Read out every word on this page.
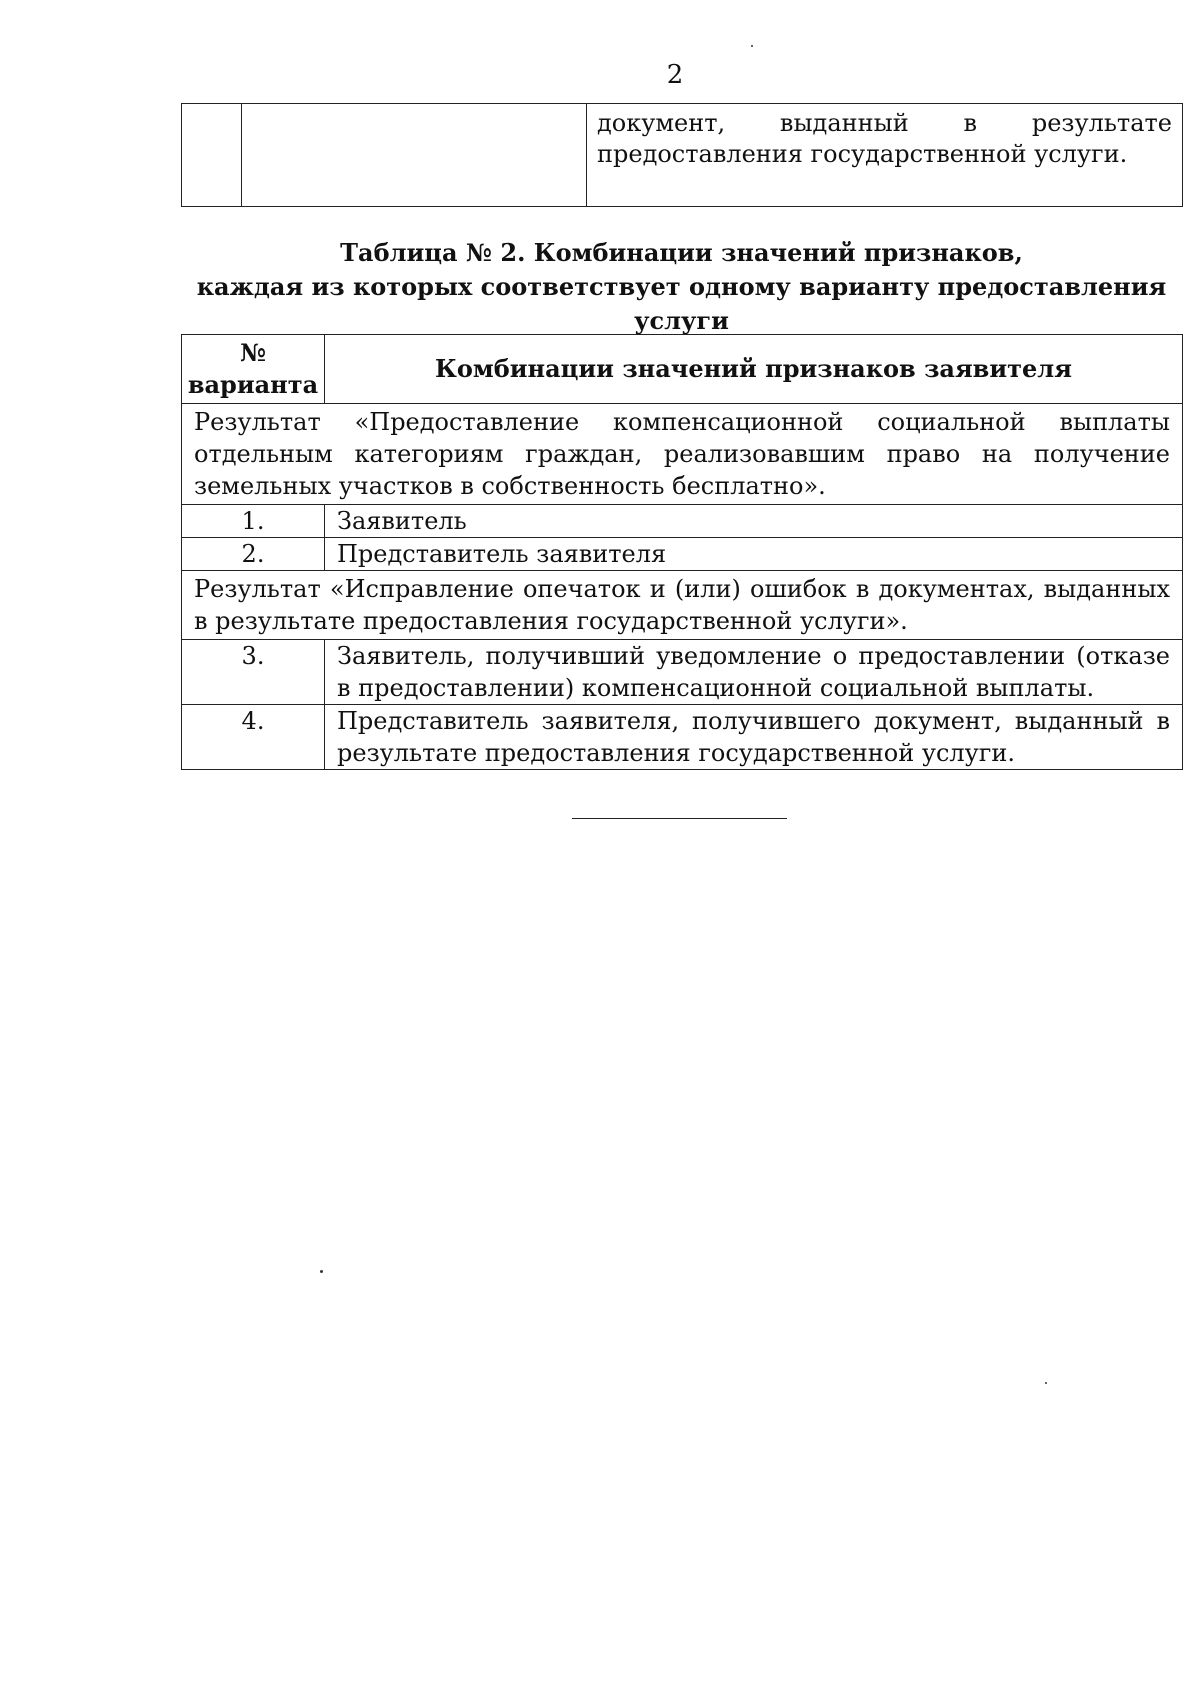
2
		документ, выданный в результате предоставления государственной услуги.
Таблица № 2. Комбинации значений признаков,
каждая из которых соответствует одному варианту предоставления услуги
№
варианта	Комбинации значений признаков заявителя
Результат «Предоставление компенсационной социальной выплаты отдельным категориям граждан, реализовавшим право на получение земельных участков в собственность бесплатно».	
1.	Заявитель
2.	Представитель заявителя
Результат «Исправление опечаток и (или) ошибок в документах, выданных в результате предоставления государственной услуги».	
3.	Заявитель, получивший уведомление о предоставлении (отказе в предоставлении) компенсационной социальной выплаты.
4.	Представитель заявителя, получившего документ, выданный в результате предоставления государственной услуги.
